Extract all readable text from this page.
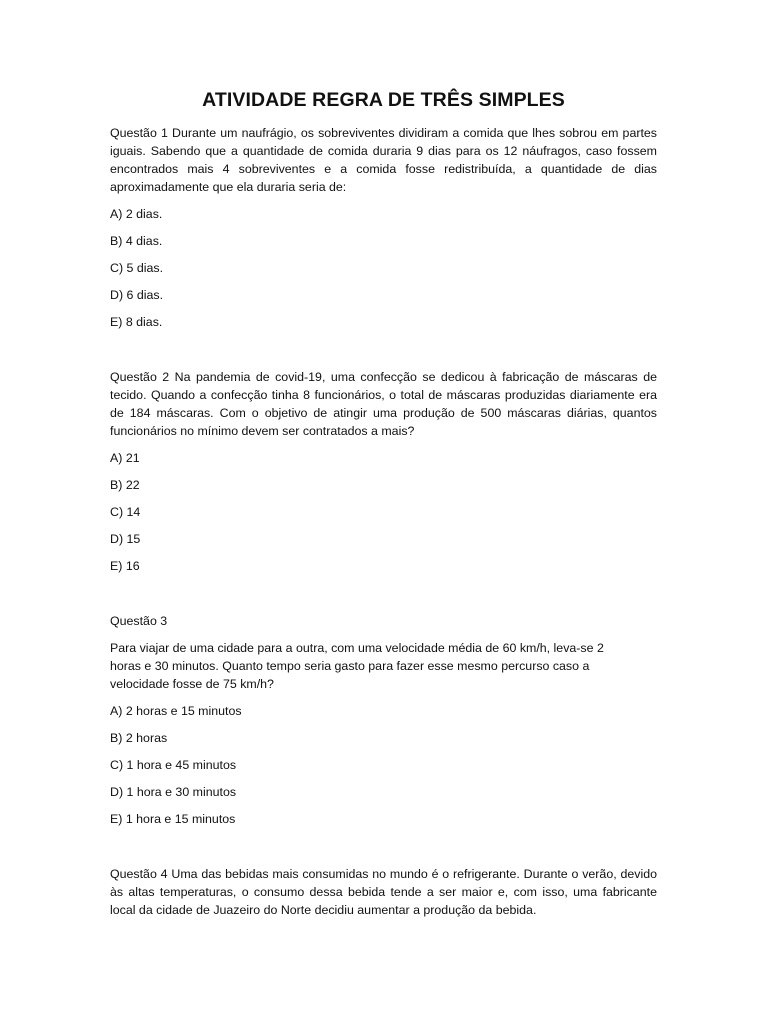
ATIVIDADE REGRA DE TRÊS SIMPLES

Questão 1 Durante um naufrágio, os sobreviventes dividiram a comida que lhes sobrou em partes iguais. Sabendo que a quantidade de comida duraria 9 dias para os 12 náufragos, caso fossem encontrados mais 4 sobreviventes e a comida fosse redistribuída, a quantidade de dias aproximadamente que ela duraria seria de:

A) 2 dias.
B) 4 dias.
C) 5 dias.
D) 6 dias.
E) 8 dias.

Questão 2 Na pandemia de covid-19, uma confecção se dedicou à fabricação de máscaras de tecido. Quando a confecção tinha 8 funcionários, o total de máscaras produzidas diariamente era de 184 máscaras. Com o objetivo de atingir uma produção de 500 máscaras diárias, quantos funcionários no mínimo devem ser contratados a mais?

A) 21
B) 22
C) 14
D) 15
E) 16

Questão 3

Para viajar de uma cidade para a outra, com uma velocidade média de 60 km/h, leva-se 2 horas e 30 minutos. Quanto tempo seria gasto para fazer esse mesmo percurso caso a velocidade fosse de 75 km/h?

A) 2 horas e 15 minutos
B) 2 horas
C) 1 hora e 45 minutos
D) 1 hora e 30 minutos
E) 1 hora e 15 minutos

Questão 4 Uma das bebidas mais consumidas no mundo é o refrigerante. Durante o verão, devido às altas temperaturas, o consumo dessa bebida tende a ser maior e, com isso, uma fabricante local da cidade de Juazeiro do Norte decidiu aumentar a produção da bebida.
